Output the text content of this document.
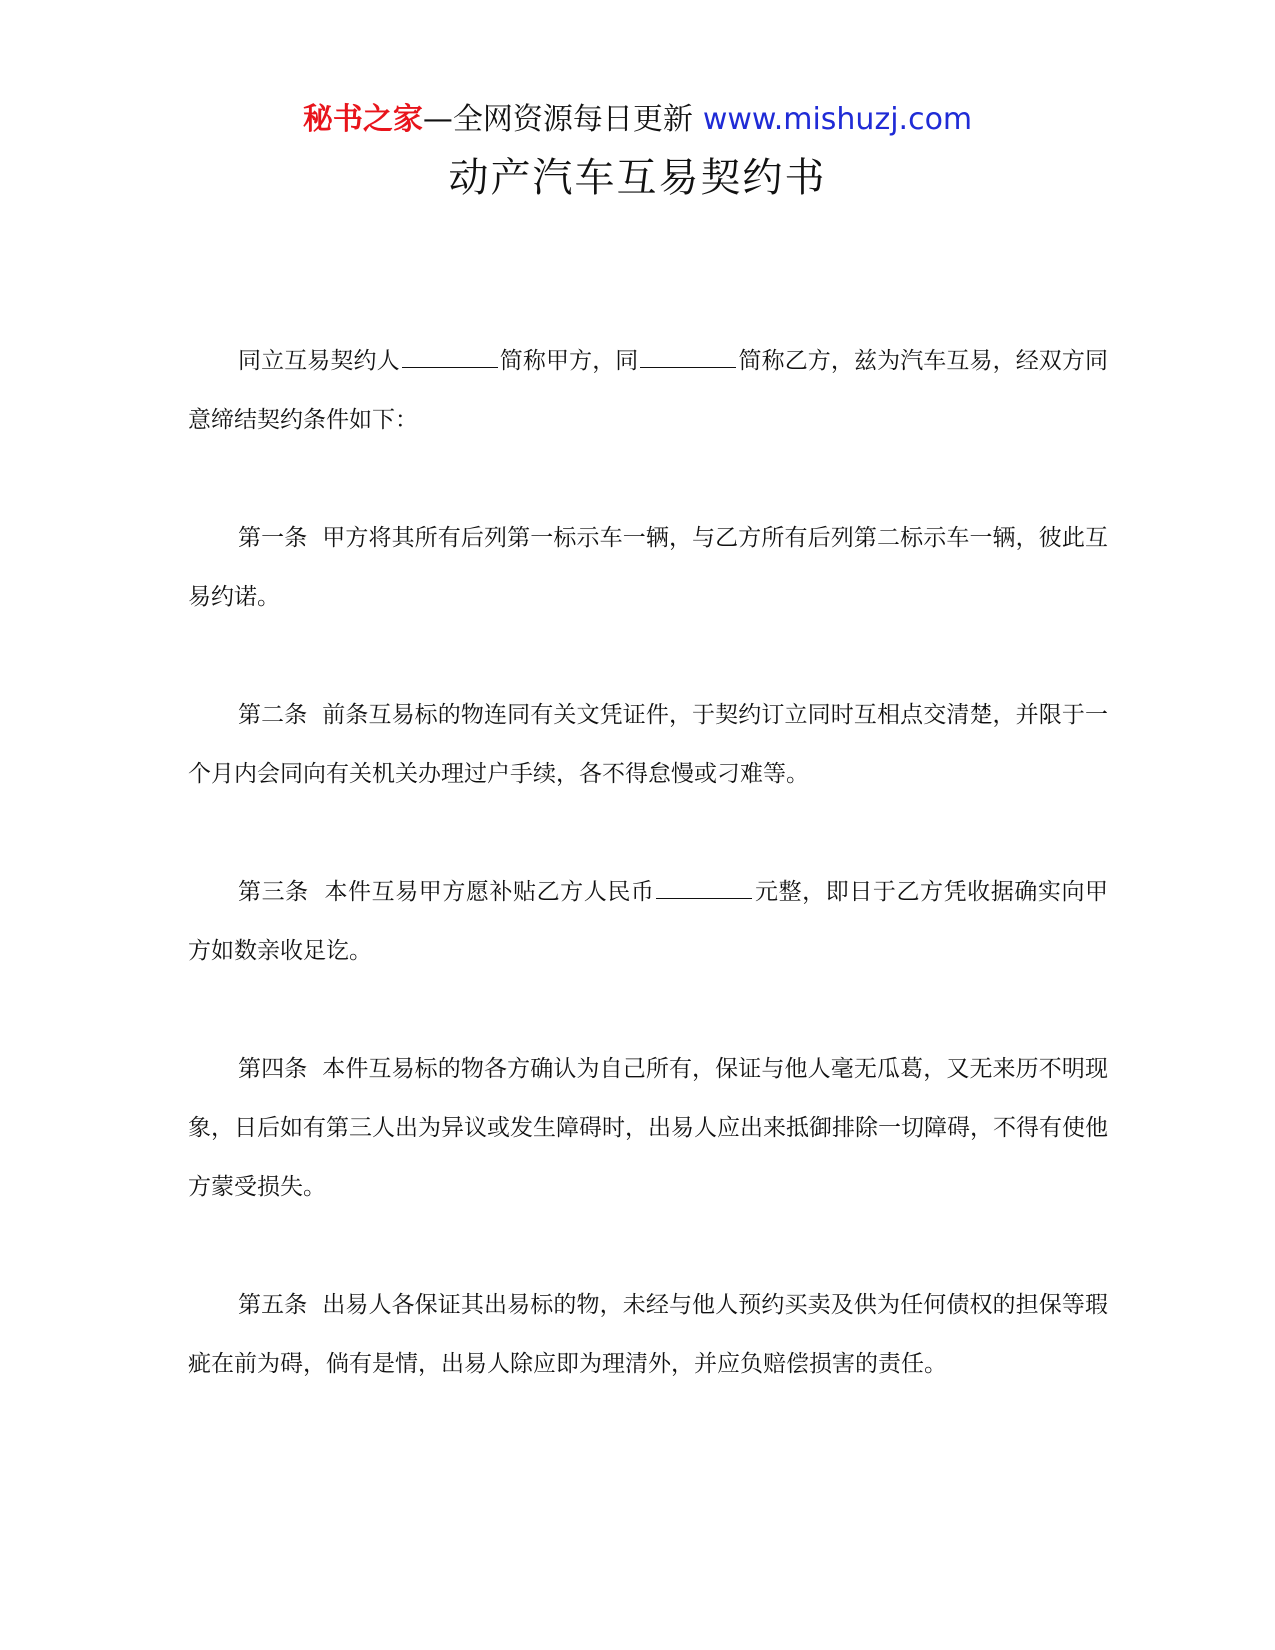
秘书之家—全网资源每日更新 www.mishuzj.com
动产汽车互易契约书

同立互易契约人	简称甲方，同	简称乙方，兹为汽车互易，经双方同意缔结契约条件如下：

第一条 甲方将其所有后列第一标示车一辆，与乙方所有后列第二标示车一辆，彼此互易约诺。

第二条 前条互易标的物连同有关文凭证件，于契约订立同时互相点交清楚，并限于一个月内会同向有关机关办理过户手续，各不得怠慢或刁难等。

第三条 本件互易甲方愿补贴乙方人民币	元整，即日于乙方凭收据确实向甲方如数亲收足讫。

第四条 本件互易标的物各方确认为自己所有，保证与他人毫无瓜葛，又无来历不明现象，日后如有第三人出为异议或发生障碍时，出易人应出来抵御排除一切障碍，不得有使他方蒙受损失。

第五条 出易人各保证其出易标的物，未经与他人预约买卖及供为任何债权的担保等瑕疵在前为碍，倘有是情，出易人除应即为理清外，并应负赔偿损害的责任。
